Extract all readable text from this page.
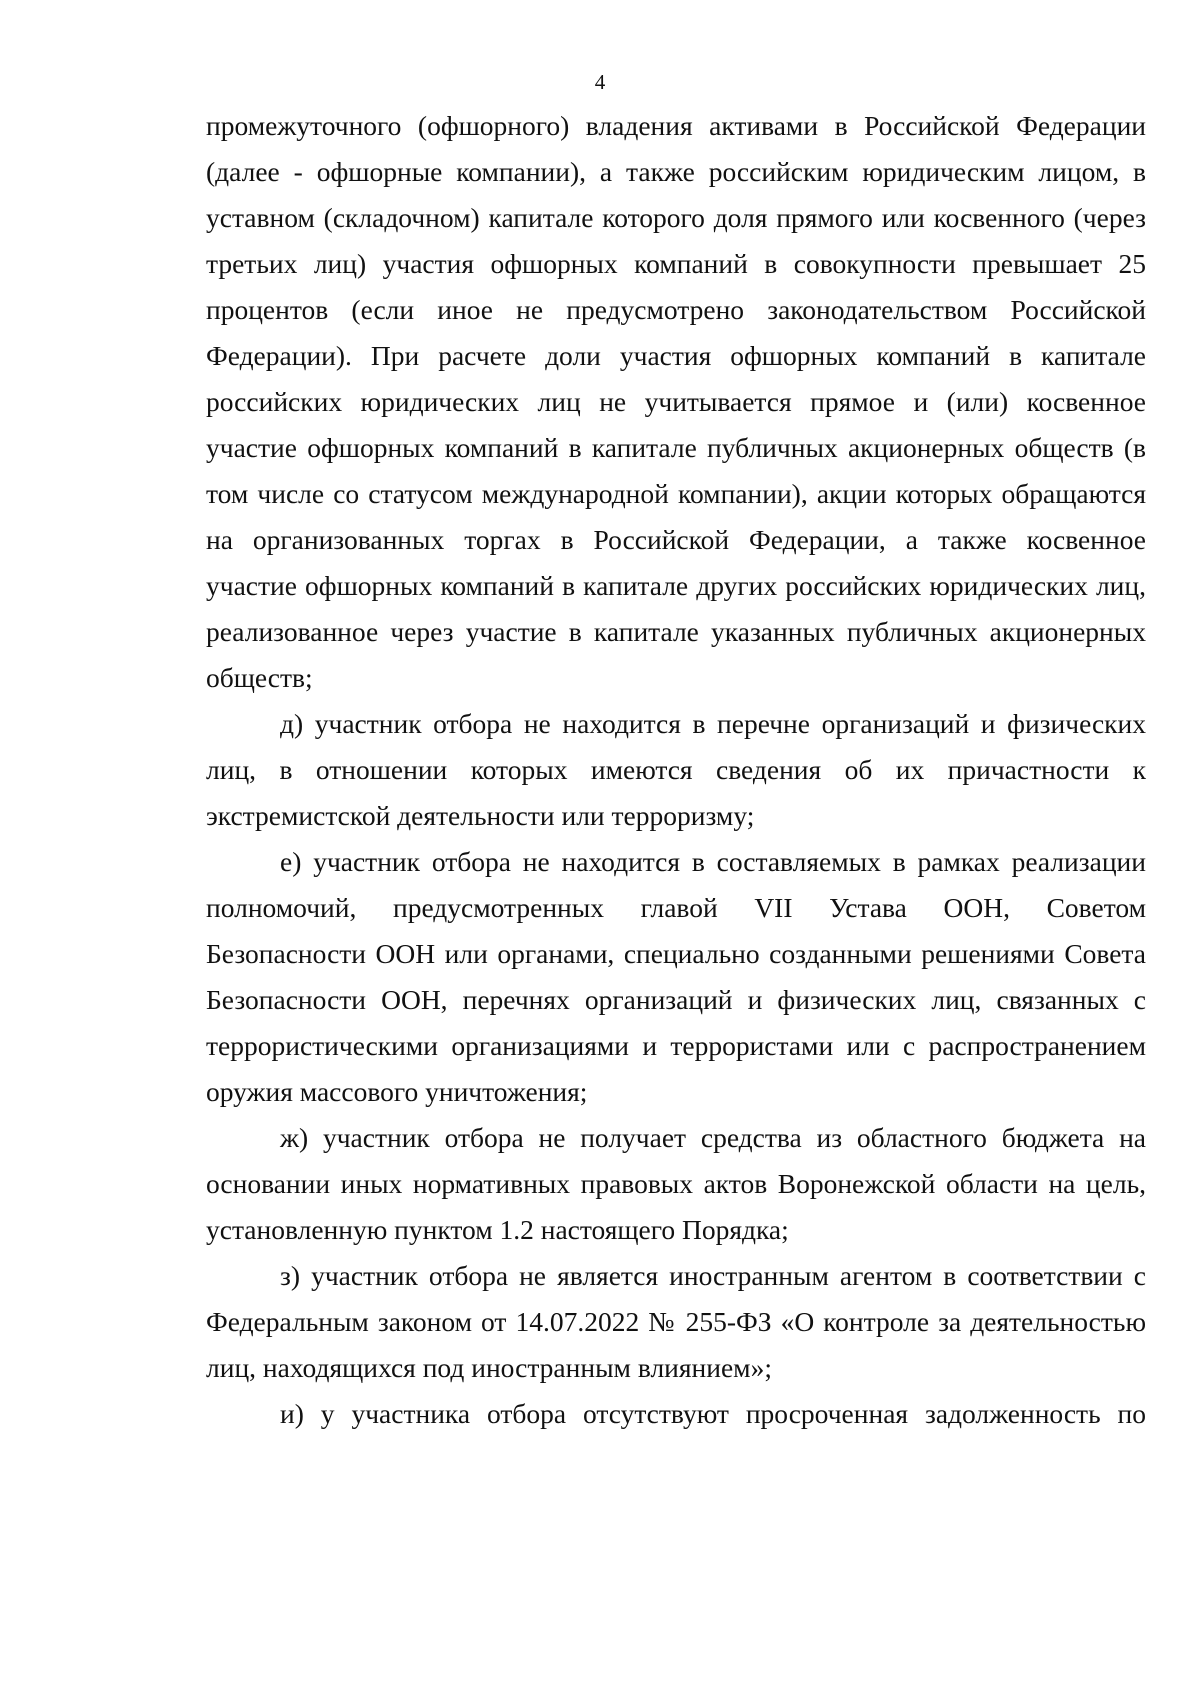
4
промежуточного (офшорного) владения активами в Российской Федерации
(далее - офшорные компании), а также российским юридическим лицом, в
уставном (складочном) капитале которого доля прямого или косвенного (через
третьих лиц) участия офшорных компаний в совокупности превышает 25
процентов (если иное не предусмотрено законодательством Российской
Федерации). При расчете доли участия офшорных компаний в капитале
российских юридических лиц не учитывается прямое и (или) косвенное
участие офшорных компаний в капитале публичных акционерных обществ (в
том числе со статусом международной компании), акции которых обращаются
на организованных торгах в Российской Федерации, а также косвенное
участие офшорных компаний в капитале других российских юридических лиц,
реализованное через участие в капитале указанных публичных акционерных
обществ;
д) участник отбора не находится в перечне организаций и физических
лиц, в отношении которых имеются сведения об их причастности к
экстремистской деятельности или терроризму;
е) участник отбора не находится в составляемых в рамках реализации
полномочий, предусмотренных главой VII Устава ООН, Советом
Безопасности ООН или органами, специально созданными решениями Совета
Безопасности ООН, перечнях организаций и физических лиц, связанных с
террористическими организациями и террористами или с распространением
оружия массового уничтожения;
ж) участник отбора не получает средства из областного бюджета на
основании иных нормативных правовых актов Воронежской области на цель,
установленную пунктом 1.2 настоящего Порядка;
з) участник отбора не является иностранным агентом в соответствии с
Федеральным законом от 14.07.2022 № 255-ФЗ «О контроле за деятельностью
лиц, находящихся под иностранным влиянием»;
и) у участника отбора отсутствуют просроченная задолженность по
